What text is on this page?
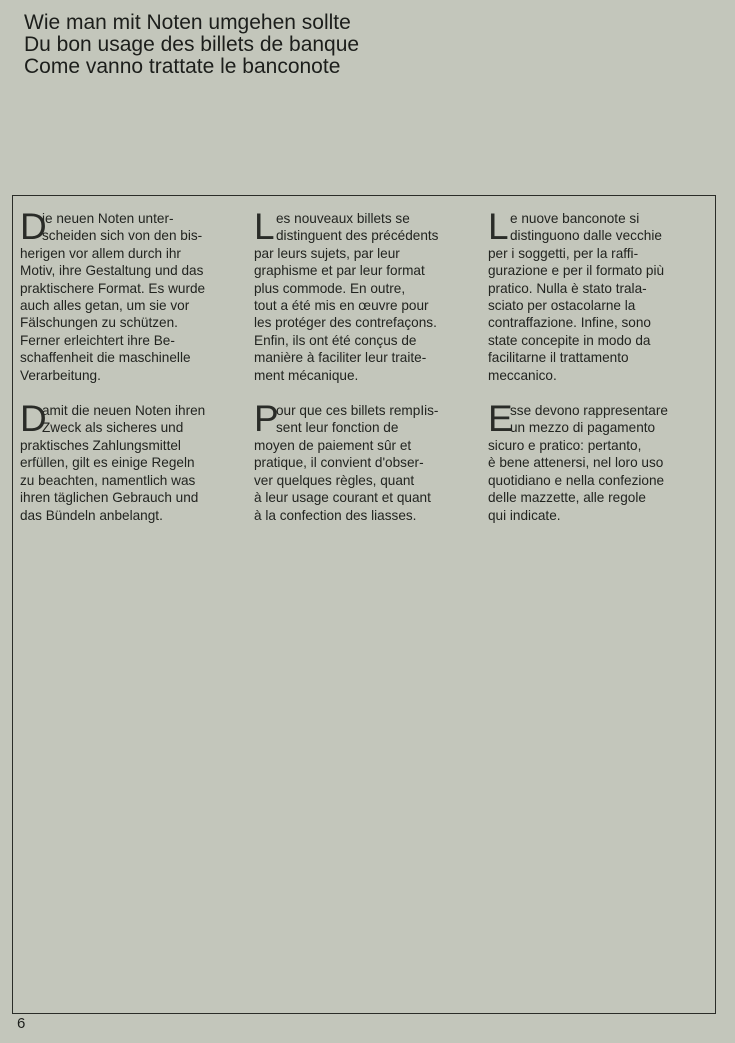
Wie man mit Noten umgehen sollte
Du bon usage des billets de banque
Come vanno trattate le banconote
D
ie neuen Noten unter-
scheiden sich von den bis-
herigen vor allem durch ihr
Motiv, ihre Gestaltung und das
praktischere Format. Es wurde
auch alles getan, um sie vor
Fälschungen zu schützen.
Ferner erleichtert ihre Be-
schaffenheit die maschinelle
Verarbeitung.
D
amit die neuen Noten ihren
Zweck als sicheres und
praktisches Zahlungsmittel
erfüllen, gilt es einige Regeln
zu beachten, namentlich was
ihren täglichen Gebrauch und
das Bündeln anbelangt.
L es nouveaux billets se
distinguent des précédents
par leurs sujets, par leur
graphisme et par leur format
plus commode. En outre,
tout a été mis en œuvre pour
les protéger des contrefaçons.
Enfin, ils ont été conçus de
manière à faciliter leur traite-
ment mécanique.
P
our que ces billets rempIis-
sent leur fonction de
moyen de paiement sûr et
pratique, il convient d'obser-
ver quelques règles, quant
à leur usage courant et quant
à la confection des liasses.
L e nuove banconote si
distinguono dalle vecchie
per i soggetti, per la raffi-
gurazione e per il formato più
pratico. Nulla è stato trala-
sciato per ostacolarne la
contraffazione. Infine, sono
state concepite in modo da
facilitarne il trattamento
meccanico.
E
sse devono rappresentare
un mezzo di pagamento
sicuro e pratico: pertanto,
è bene attenersi, nel loro uso
quotidiano e nella confezione
delle mazzette, alle regole
qui indicate.
6
